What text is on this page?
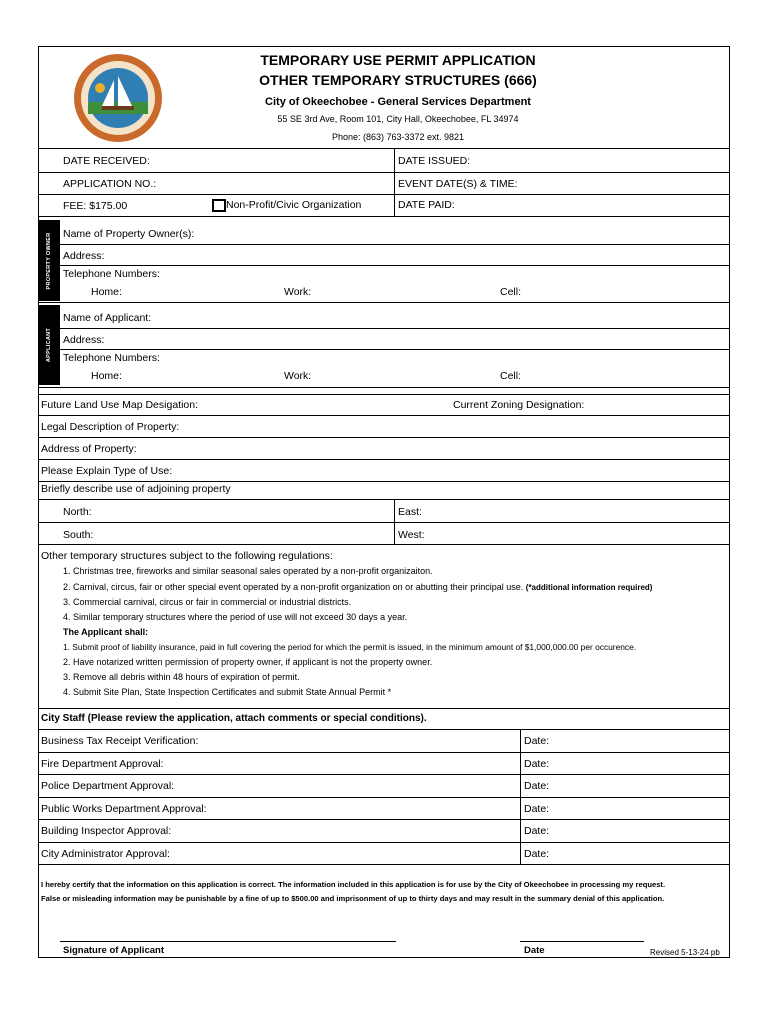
TEMPORARY USE PERMIT APPLICATION
OTHER TEMPORARY STRUCTURES (666)
City of Okeechobee - General Services Department
55 SE 3rd Ave, Room 101, City Hall, Okeechobee, FL 34974
Phone: (863) 763-3372 ext. 9821
DATE RECEIVED:	DATE ISSUED:
APPLICATION NO.:	EVENT DATE(S) & TIME:
FEE: $175.00	Non-Profit/Civic Organization	DATE PAID:
PROPERTY OWNER Name of Property Owner(s):
Address:
Telephone Numbers:
Home:	Work:	Cell:
APPLICANT
Name of Applicant:
Address:
Telephone Numbers:
Home:	Work:	Cell:
Future Land Use Map Desigation:	Current Zoning Designation:
Legal Description of Property:
Address of Property:
Please Explain Type of Use:
Briefly describe use of adjoining property
North:	East:
South:	West:
Other temporary structures subject to the following regulations:
1. Christmas tree, fireworks and similar seasonal sales operated by a non-profit organizaiton.
2. Carnival, circus, fair or other special event operated by a non-profit organization on or abutting their principal use. (*additional information required)
3. Commercial carnival, circus or fair in commercial or industrial districts.
4. Similar temporary structures where the period of use will not exceed 30 days a year.
The Applicant shall:
1. Submit proof of liability insurance, paid in full covering the period for which the permit is issued, in the minimum amount of $1,000,000.00 per occurence.
2. Have notarized written permission of property owner, if applicant is not the property owner.
3. Remove all debris within 48 hours of expiration of permit.
4. Submit Site Plan, State Inspection Certificates and submit State Annual Permit *
City Staff (Please review the application, attach comments or special conditions).
Business Tax Receipt Verification:	Date:
Fire Department Approval:	Date:
Police Department Approval:	Date:
Public Works Department Approval:	Date:
Building Inspector Approval:	Date:
City Administrator Approval:	Date:
I hereby certify that the information on this application is correct. The information included in this application is for use by the City of Okeechobee in processing my request.
False or misleading information may be punishable by a fine of up to $500.00 and imprisonment of up to thirty days and may result in the summary denial of this application.
Signature of Applicant	Date	Revised 5-13-24 pb
